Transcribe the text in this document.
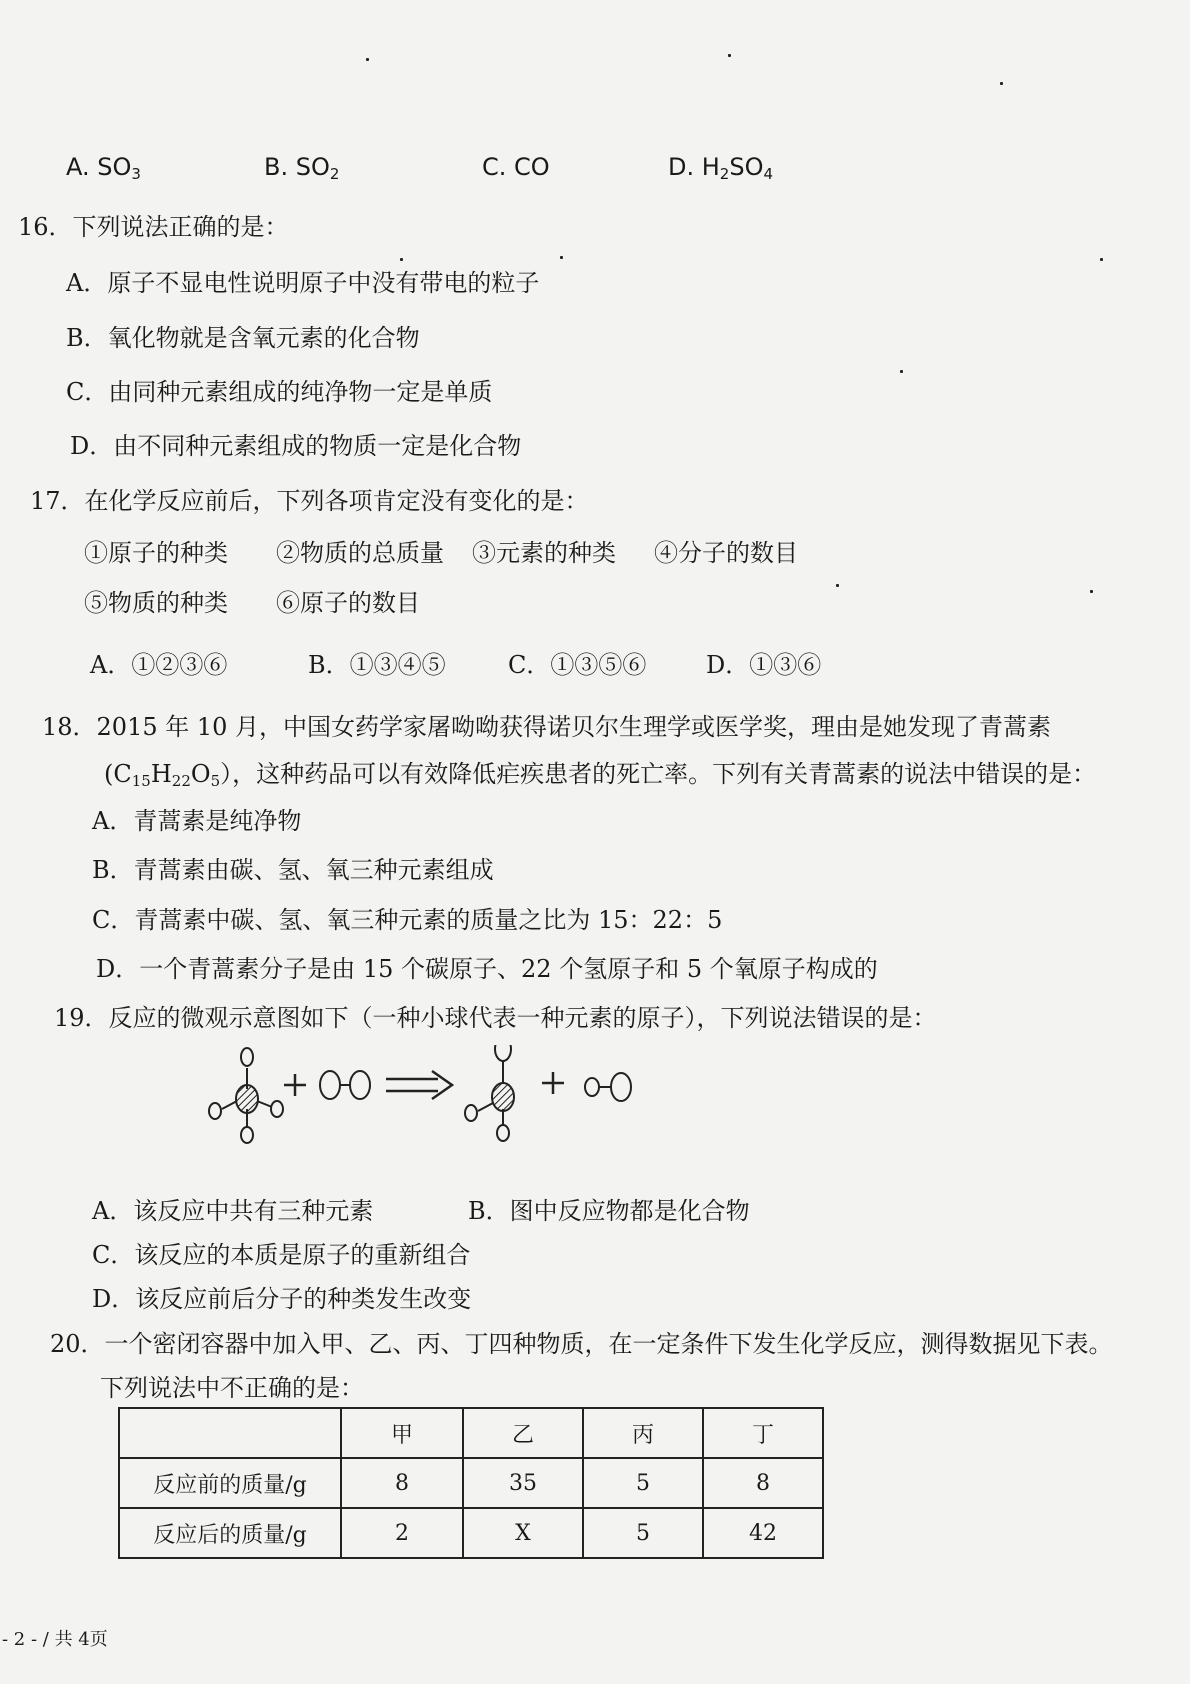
A. $SO_3$	B. $SO_2$	C. CO	D. $H_2SO_4$
16．下列说法正确的是：
A．原子不显电性说明原子中没有带电的粒子
B．氧化物就是含氧元素的化合物
C．由同种元素组成的纯净物一定是单质
D．由不同种元素组成的物质一定是化合物
17．在化学反应前后，下列各项肯定没有变化的是：
①原子的种类 ②物质的总质量 ③元素的种类 ④分子的数目
⑤物质的种类 ⑥原子的数目
A．①②③⑥	B．①③④⑤	C．①③⑤⑥ D．①③⑥
18．2015 年 10 月，中国女药学家屠呦呦获得诺贝尔生理学或医学奖，理由是她发现了青蒿素
$(C_{15}H_{22}O_5)$，这种药品可以有效降低疟疾患者的死亡率。下列有关青蒿素的说法中错误的是：
A．青蒿素是纯净物
B．青蒿素由碳、氢、氧三种元素组成
C．青蒿素中碳、氢、氧三种元素的质量之比为 15：22：5
D．一个青蒿素分子是由 15 个碳原子、22 个氢原子和 5 个氧原子构成的
19．反应的微观示意图如下（一种小球代表一种元素的原子），下列说法错误的是：
A．该反应中共有三种元素	B．图中反应物都是化合物
C．该反应的本质是原子的重新组合
D．该反应前后分子的种类发生改变
20．一个密闭容器中加入甲、乙、丙、丁四种物质，在一定条件下发生化学反应，测得数据见下表。
下列说法中不正确的是：
	甲	乙	丙	丁
反应前的质量/g	8	35	5	8
反应后的质量/g	2	X	5	42
- 2 - / 共 4页
